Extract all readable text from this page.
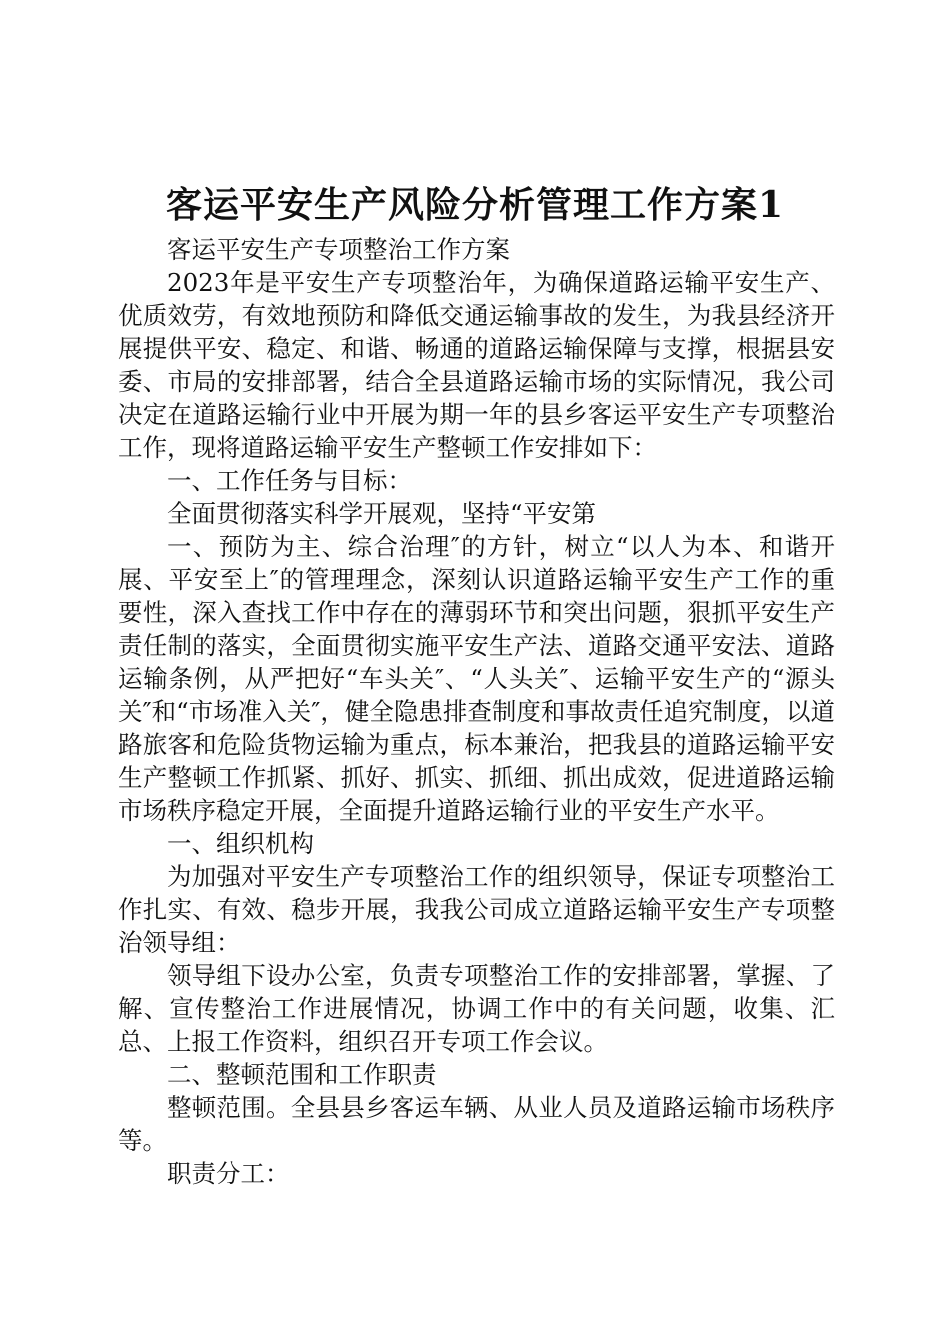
客运平安生产风险分析管理工作方案1

客运平安生产专项整治工作方案

2023年是平安生产专项整治年，为确保道路运输平安生产、优质效劳，有效地预防和降低交通运输事故的发生，为我县经济开展提供平安、稳定、和谐、畅通的道路运输保障与支撑，根据县安委、市局的安排部署，结合全县道路运输市场的实际情况，我公司决定在道路运输行业中开展为期一年的县乡客运平安生产专项整治工作，现将道路运输平安生产整顿工作安排如下：

一、工作任务与目标：

全面贯彻落实科学开展观，坚持“平安第

一、预防为主、综合治理″的方针，树立“以人为本、和谐开展、平安至上″的管理理念，深刻认识道路运输平安生产工作的重要性，深入查找工作中存在的薄弱环节和突出问题，狠抓平安生产责任制的落实，全面贯彻实施平安生产法、道路交通平安法、道路运输条例，从严把好“车头关″、“人头关″、运输平安生产的“源头关″和“市场准入关″，健全隐患排查制度和事故责任追究制度，以道路旅客和危险货物运输为重点，标本兼治，把我县的道路运输平安生产整顿工作抓紧、抓好、抓实、抓细、抓出成效，促进道路运输市场秩序稳定开展，全面提升道路运输行业的平安生产水平。

一、组织机构

为加强对平安生产专项整治工作的组织领导，保证专项整治工作扎实、有效、稳步开展，我我公司成立道路运输平安生产专项整治领导组：

领导组下设办公室，负责专项整治工作的安排部署，掌握、了解、宣传整治工作进展情况，协调工作中的有关问题，收集、汇总、上报工作资料，组织召开专项工作会议。

二、整顿范围和工作职责

整顿范围。全县县乡客运车辆、从业人员及道路运输市场秩序等。

职责分工：
